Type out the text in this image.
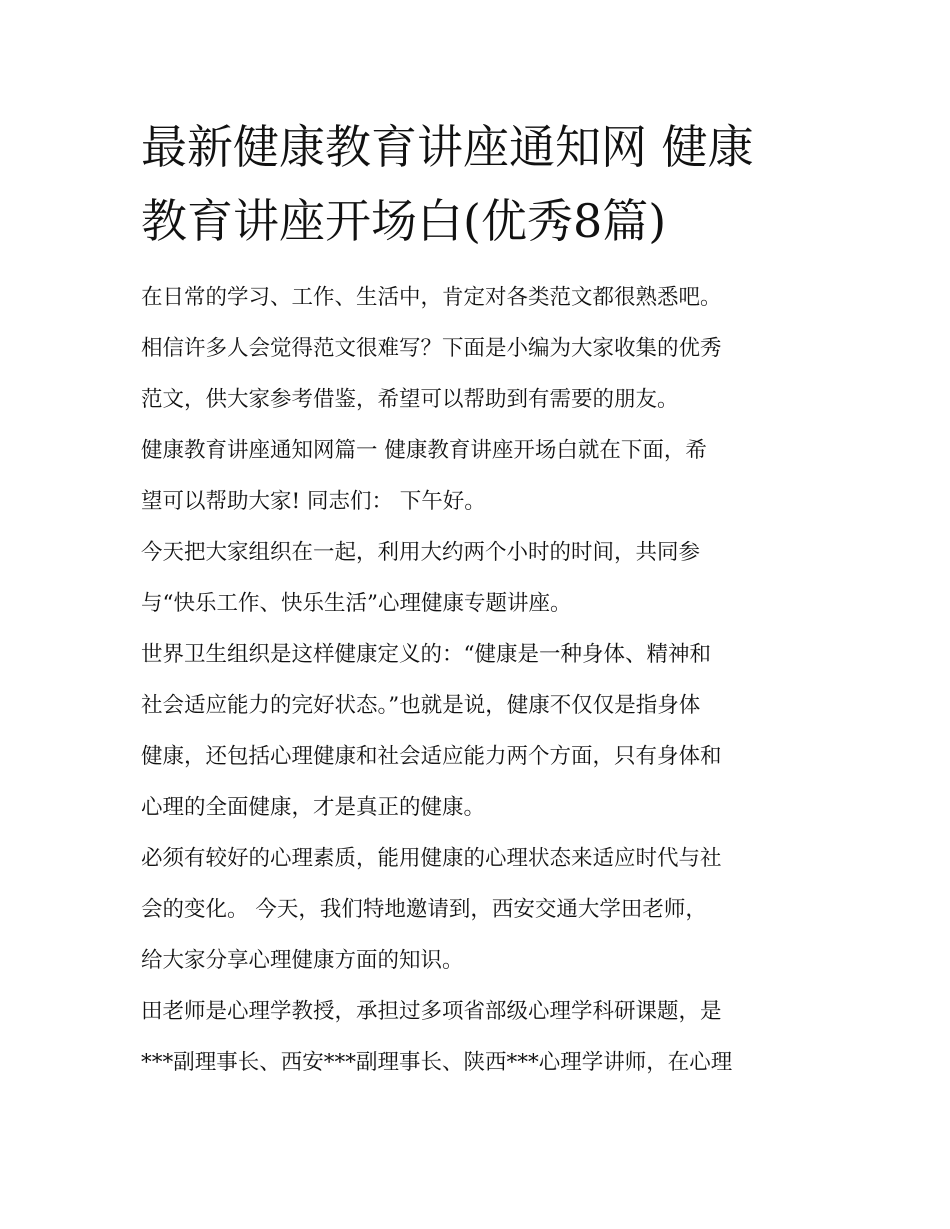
最新健康教育讲座通知网 健康
教育讲座开场白(优秀8篇)

在日常的学习、工作、生活中，肯定对各类范文都很熟悉吧。
相信许多人会觉得范文很难写？下面是小编为大家收集的优秀
范文，供大家参考借鉴，希望可以帮助到有需要的朋友。

健康教育讲座通知网篇一 健康教育讲座开场白就在下面，希
望可以帮助大家! 同志们： 下午好。

今天把大家组织在一起，利用大约两个小时的时间，共同参
与“快乐工作、快乐生活”心理健康专题讲座。

世界卫生组织是这样健康定义的：“健康是一种身体、精神和
社会适应能力的完好状态。”也就是说，健康不仅仅是指身体
健康，还包括心理健康和社会适应能力两个方面，只有身体和
心理的全面健康，才是真正的健康。

必须有较好的心理素质，能用健康的心理状态来适应时代与社
会的变化。 今天，我们特地邀请到，西安交通大学田老师，
给大家分享心理健康方面的知识。

田老师是心理学教授，承担过多项省部级心理学科研课题，是
***副理事长、西安***副理事长、陕西***心理学讲师，在心理
